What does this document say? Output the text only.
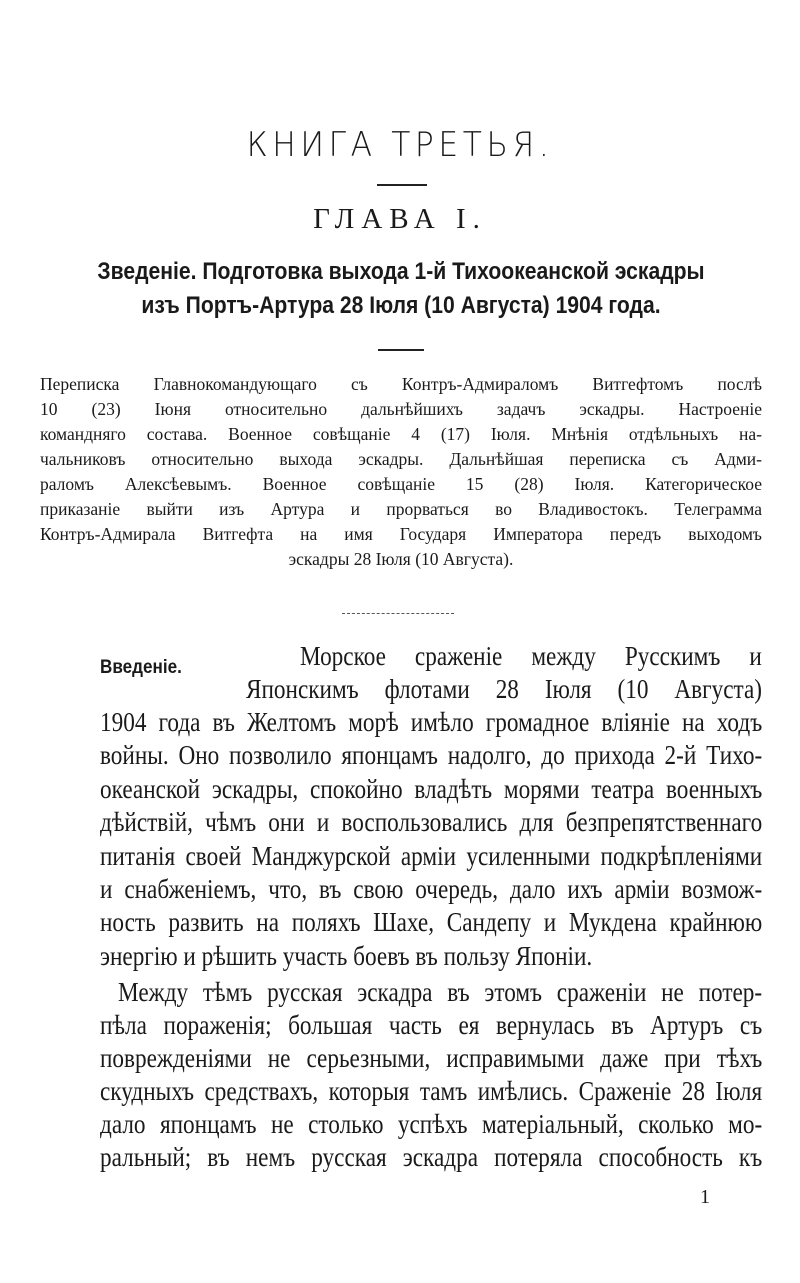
КНИГА ТРЕТЬЯ.
ГЛАВА I.
Зведеніе. Подготовка выхода 1-й Тихоокеанской эскадры
изъ Портъ-Артура 28 Іюля (10 Августа) 1904 года.
Переписка Главнокомандующаго съ Контръ-Адмираломъ Витгефтомъ послѣ
10 (23) Іюня относительно дальнѣйшихъ задачъ эскадры. Настроеніе
командняго состава. Военное совѣщаніе 4 (17) Іюля. Мнѣнія отдѣльныхъ на-
чальниковъ относительно выхода эскадры. Дальнѣйшая переписка съ Адми-
раломъ Алексѣевымъ. Военное совѣщаніе 15 (28) Іюля. Категорическое
приказаніе выйти изъ Артура и прорваться во Владивостокъ. Телеграмма
Контръ-Адмирала Витгефта на имя Государя Императора передъ выходомъ
эскадры 28 Іюля (10 Августа).
Введеніе.	Морское сраженіе между Русскимъ и
Японскимъ флотами 28 Іюля (10 Августа)
1904 года въ Желтомъ морѣ имѣло громадное вліяніе на ходъ
войны. Оно позволило японцамъ надолго, до прихода 2-й Тихо-
океанской эскадры, спокойно владѣть морями театра военныхъ
дѣйствій, чѣмъ они и воспользовались для безпрепятственнаго
питанія своей Манджурской арміи усиленными подкрѣпленіями
и снабженіемъ, что, въ свою очередь, дало ихъ арміи возмож-
ность развить на поляхъ Шахе, Сандепу и Мукдена крайнюю
энергію и рѣшить участь боевъ въ пользу Японіи.
Между тѣмъ русская эскадра въ этомъ сраженіи не потер-
пѣла пораженія; большая часть ея вернулась въ Артуръ съ
поврежденіями не серьезными, исправимыми даже при тѣхъ
скудныхъ средствахъ, которыя тамъ имѣлись. Сраженіе 28 Іюля
дало японцамъ не столько успѣхъ матеріальный, сколько мо-
ральный; въ немъ русская эскадра потеряла способность къ
1
